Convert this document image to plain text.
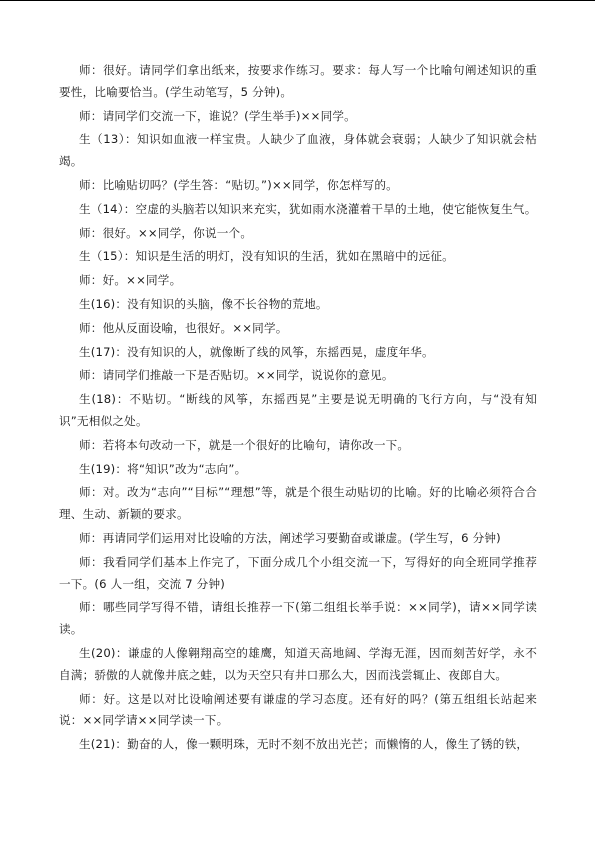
师：很好。请同学们拿出纸来，按要求作练习。要求：每人写一个比喻句阐述知识的重要性，比喻要恰当。(学生动笔写，5 分钟)。

师：请同学们交流一下，谁说？(学生举手)××同学。

生（13）：知识如血液一样宝贵。人缺少了血液，身体就会衰弱；人缺少了知识就会枯竭。

师：比喻贴切吗？(学生答：“贴切。”)××同学，你怎样写的。

生（14）：空虚的头脑若以知识来充实，犹如雨水浇灌着干旱的土地，使它能恢复生气。

师：很好。××同学，你说一个。

生（15）：知识是生活的明灯，没有知识的生活，犹如在黑暗中的远征。

师：好。××同学。

生(16)：没有知识的头脑，像不长谷物的荒地。

师：他从反面设喻，也很好。××同学。

生(17)：没有知识的人，就像断了线的风筝，东摇西晃，虚度年华。

师：请同学们推敲一下是否贴切。××同学，说说你的意见。

生(18)：不贴切。“断线的风筝，东摇西晃”主要是说无明确的飞行方向，与“没有知识”无相似之处。

师：若将本句改动一下，就是一个很好的比喻句，请你改一下。

生(19)：将“知识”改为“志向”。

师：对。改为“志向”“目标”“理想”等，就是个很生动贴切的比喻。好的比喻必须符合合理、生动、新颖的要求。

师：再请同学们运用对比设喻的方法，阐述学习要勤奋或谦虚。(学生写，6 分钟)

师：我看同学们基本上作完了，下面分成几个小组交流一下，写得好的向全班同学推荐一下。(6 人一组，交流 7 分钟)

师：哪些同学写得不错，请组长推荐一下(第二组组长举手说：××同学)，请××同学读读。

生(20)：谦虚的人像翱翔高空的雄鹰，知道天高地阔、学海无涯，因而刻苦好学，永不自满；骄傲的人就像井底之蛙，以为天空只有井口那么大，因而浅尝辄止、夜郎自大。

师：好。这是以对比设喻阐述要有谦虚的学习态度。还有好的吗？(第五组组长站起来说：××同学请××同学读一下。

生(21)：勤奋的人，像一颗明珠，无时不刻不放出光芒；而懒惰的人，像生了锈的铁，
